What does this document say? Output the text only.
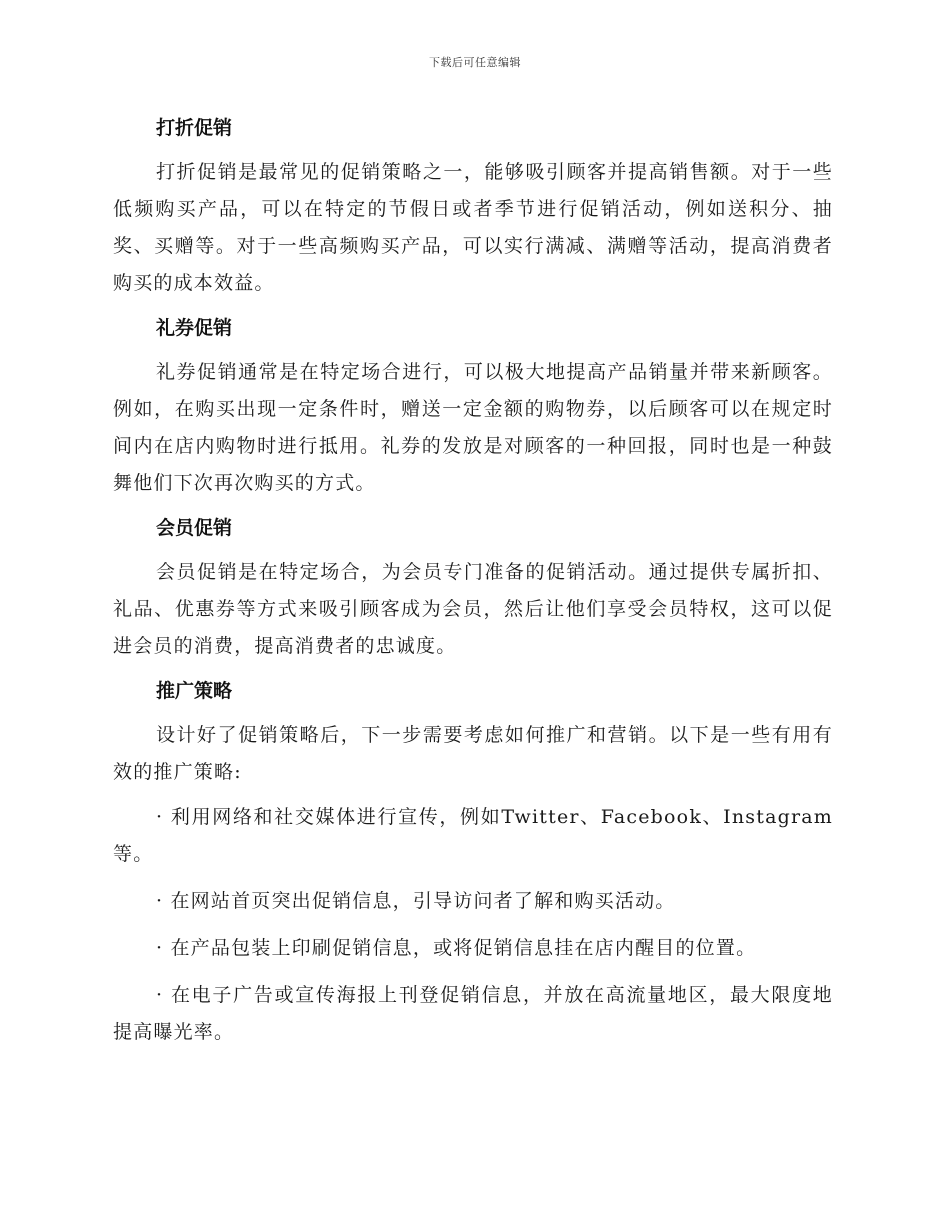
下载后可任意编辑
打折促销

打折促销是最常见的促销策略之一，能够吸引顾客并提高销售额。对于一些低频购买产品，可以在特定的节假日或者季节进行促销活动，例如送积分、抽奖、买赠等。对于一些高频购买产品，可以实行满减、满赠等活动，提高消费者购买的成本效益。

礼券促销

礼券促销通常是在特定场合进行，可以极大地提高产品销量并带来新顾客。例如，在购买出现一定条件时，赠送一定金额的购物券，以后顾客可以在规定时间内在店内购物时进行抵用。礼券的发放是对顾客的一种回报，同时也是一种鼓舞他们下次再次购买的方式。

会员促销

会员促销是在特定场合，为会员专门准备的促销活动。通过提供专属折扣、礼品、优惠券等方式来吸引顾客成为会员，然后让他们享受会员特权，这可以促进会员的消费，提高消费者的忠诚度。

推广策略

设计好了促销策略后，下一步需要考虑如何推广和营销。以下是一些有用有效的推广策略:

· 利用网络和社交媒体进行宣传，例如Twitter、Facebook、Instagram等。

· 在网站首页突出促销信息，引导访问者了解和购买活动。

· 在产品包装上印刷促销信息，或将促销信息挂在店内醒目的位置。

· 在电子广告或宣传海报上刊登促销信息，并放在高流量地区，最大限度地提高曝光率。
